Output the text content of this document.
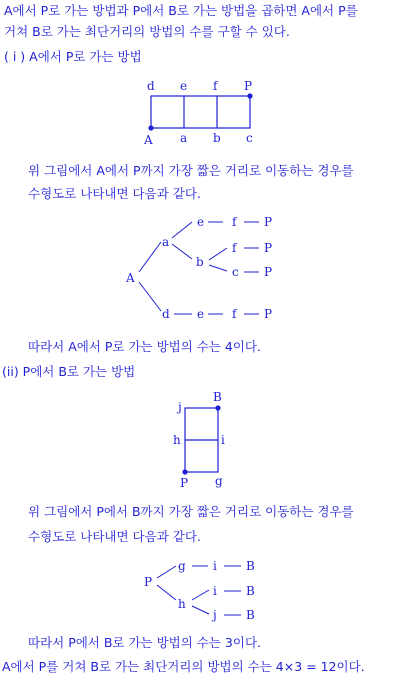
A에서 P로 가는 방법과 P에서 B로 가는 방법을 곱하면 A에서 P를
거쳐 B로 가는 최단거리의 방법의 수를 구할 수 있다.
( i ) A에서 P로 가는 방법
d e f P
A a b c
위 그림에서 A에서 P까지 가장 짧은 거리로 이동하는 경우를
수형도로 나타내면 다음과 같다.
A
a
e f P
b
f P
c P
d e f P
따라서 A에서 P로 가는 방법의 수는 4이다.
(ii) P에서 B로 가는 방법
j
B
h	i
P g
위 그림에서 P에서 B까지 가장 짧은 거리로 이동하는 경우를
수형도로 나타내면 다음과 같다.
P
g i B
h
i B
j B
따라서 P에서 B로 가는 방법의 수는 3이다.
A에서 P를 거쳐 B로 가는 최단거리의 방법의 수는 4×3 = 12이다.
